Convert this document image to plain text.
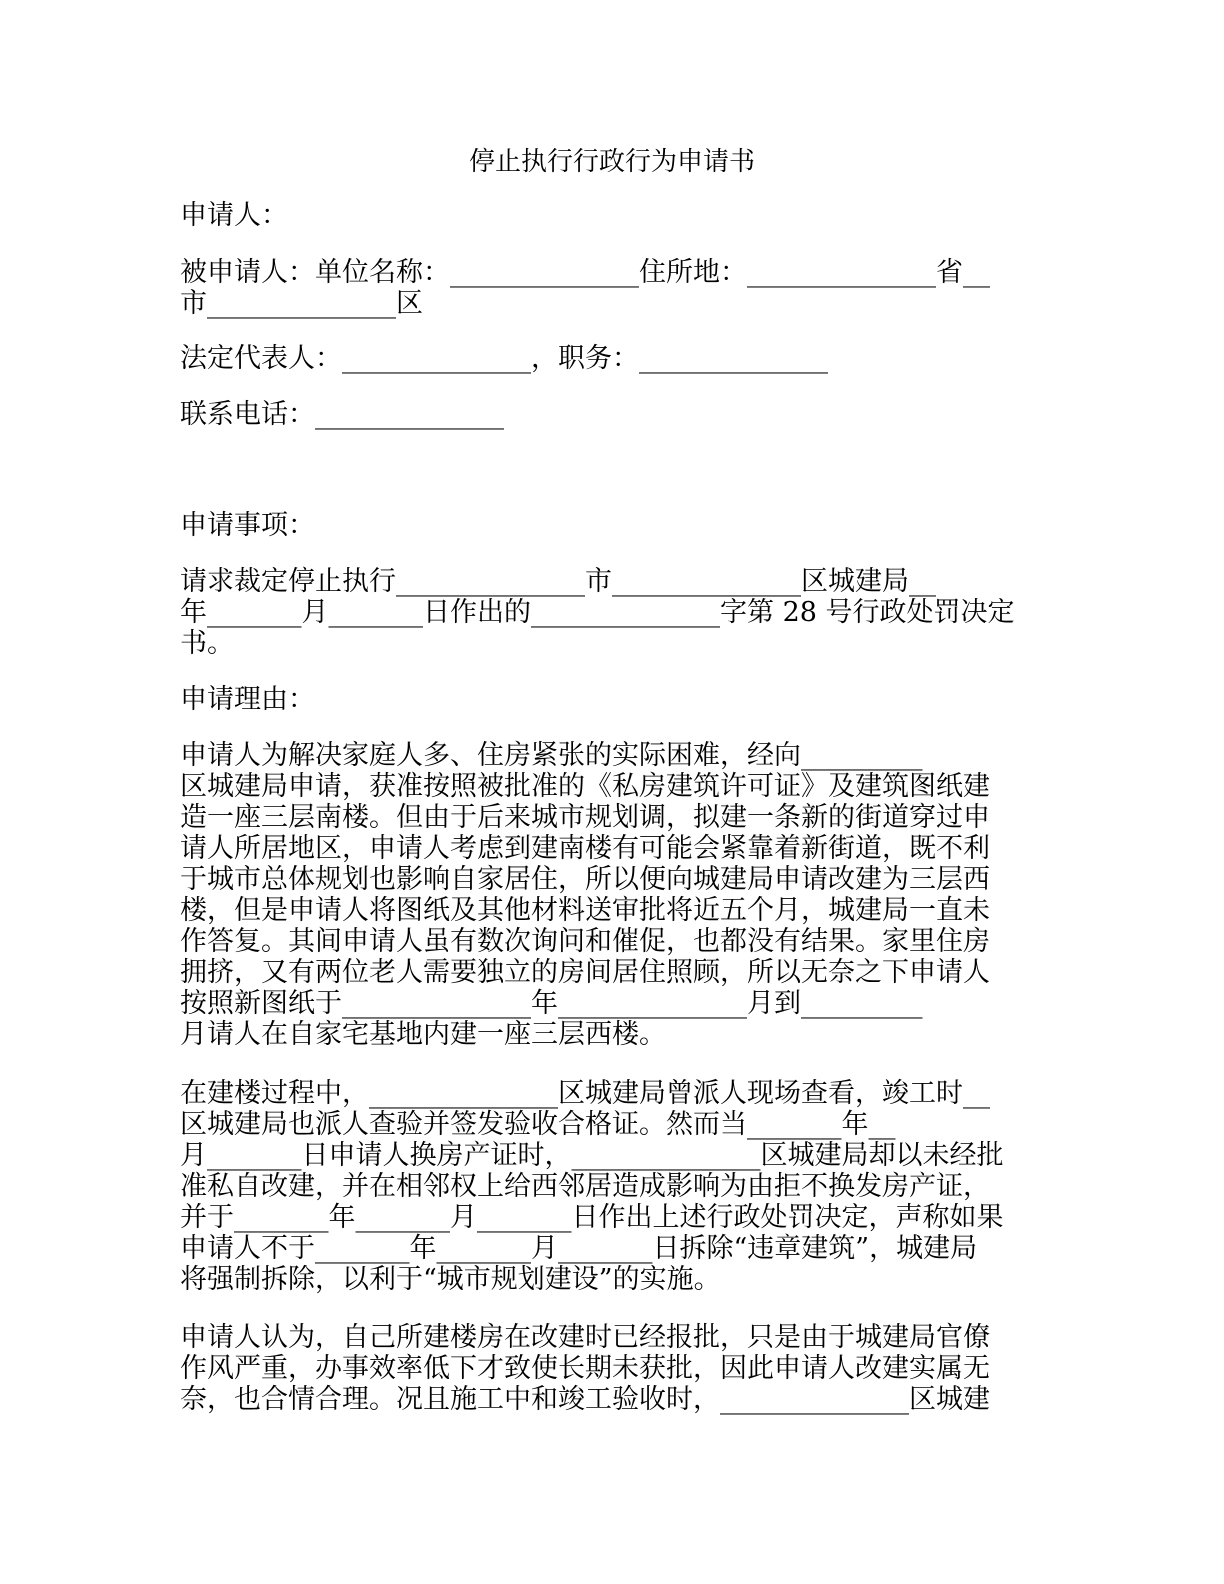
停止执行行政行为申请书
申请人：
被申请人：单位名称：______________住所地：______________省__
市______________区
法定代表人：______________，职务：______________
联系电话：______________
申请事项：
请求裁定停止执行______________市______________区城建局__
年_______月_______日作出的______________字第 28 号行政处罚决定
书。
申请理由：
申请人为解决家庭人多、住房紧张的实际困难，经向_________
区城建局申请，获准按照被批准的《私房建筑许可证》及建筑图纸建
造一座三层南楼。但由于后来城市规划调，拟建一条新的街道穿过申
请人所居地区，申请人考虑到建南楼有可能会紧靠着新街道，既不利
于城市总体规划也影响自家居住，所以便向城建局申请改建为三层西
楼，但是申请人将图纸及其他材料送审批将近五个月，城建局一直未
作答复。其间申请人虽有数次询问和催促，也都没有结果。家里住房
拥挤，又有两位老人需要独立的房间居住照顾，所以无奈之下申请人
按照新图纸于______________年______________月到_________
月请人在自家宅基地内建一座三层西楼。
在建楼过程中，______________区城建局曾派人现场查看，竣工时__
区城建局也派人查验并签发验收合格证。然而当_______年__
月_______日申请人换房产证时，______________区城建局却以未经批
准私自改建，并在相邻权上给西邻居造成影响为由拒不换发房产证，
并于_______年_______月_______日作出上述行政处罚决定，声称如果
申请人不于_______年_______月_______日拆除“违章建筑”，城建局
将强制拆除，以利于“城市规划建设”的实施。
申请人认为，自己所建楼房在改建时已经报批，只是由于城建局官僚
作风严重，办事效率低下才致使长期未获批，因此申请人改建实属无
奈，也合情合理。况且施工中和竣工验收时，______________区城建
